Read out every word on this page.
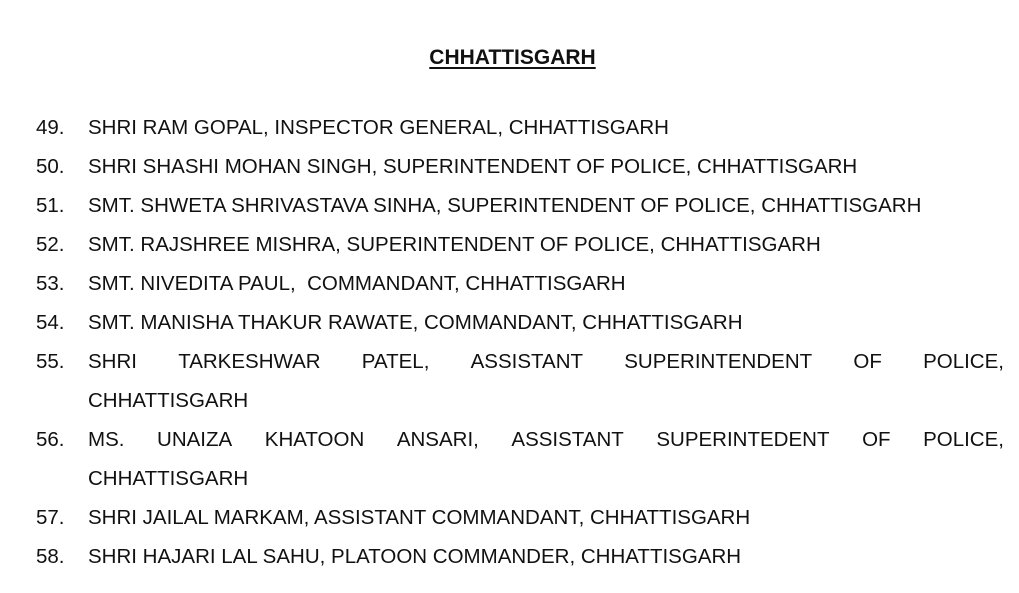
CHHATTISGARH
49.	SHRI RAM GOPAL, INSPECTOR GENERAL, CHHATTISGARH
50.	SHRI SHASHI MOHAN SINGH, SUPERINTENDENT OF POLICE, CHHATTISGARH
51.	SMT. SHWETA SHRIVASTAVA SINHA, SUPERINTENDENT OF POLICE, CHHATTISGARH
52.	SMT. RAJSHREE MISHRA, SUPERINTENDENT OF POLICE, CHHATTISGARH
53.	SMT. NIVEDITA PAUL,  COMMANDANT, CHHATTISGARH
54.	SMT. MANISHA THAKUR RAWATE, COMMANDANT, CHHATTISGARH
55.	SHRI TARKESHWAR PATEL, ASSISTANT SUPERINTENDENT OF POLICE,
CHHATTISGARH
56.	MS. UNAIZA KHATOON ANSARI, ASSISTANT SUPERINTEDENT OF POLICE,
CHHATTISGARH
57.	SHRI JAILAL MARKAM, ASSISTANT COMMANDANT, CHHATTISGARH
58.	SHRI HAJARI LAL SAHU, PLATOON COMMANDER, CHHATTISGARH
